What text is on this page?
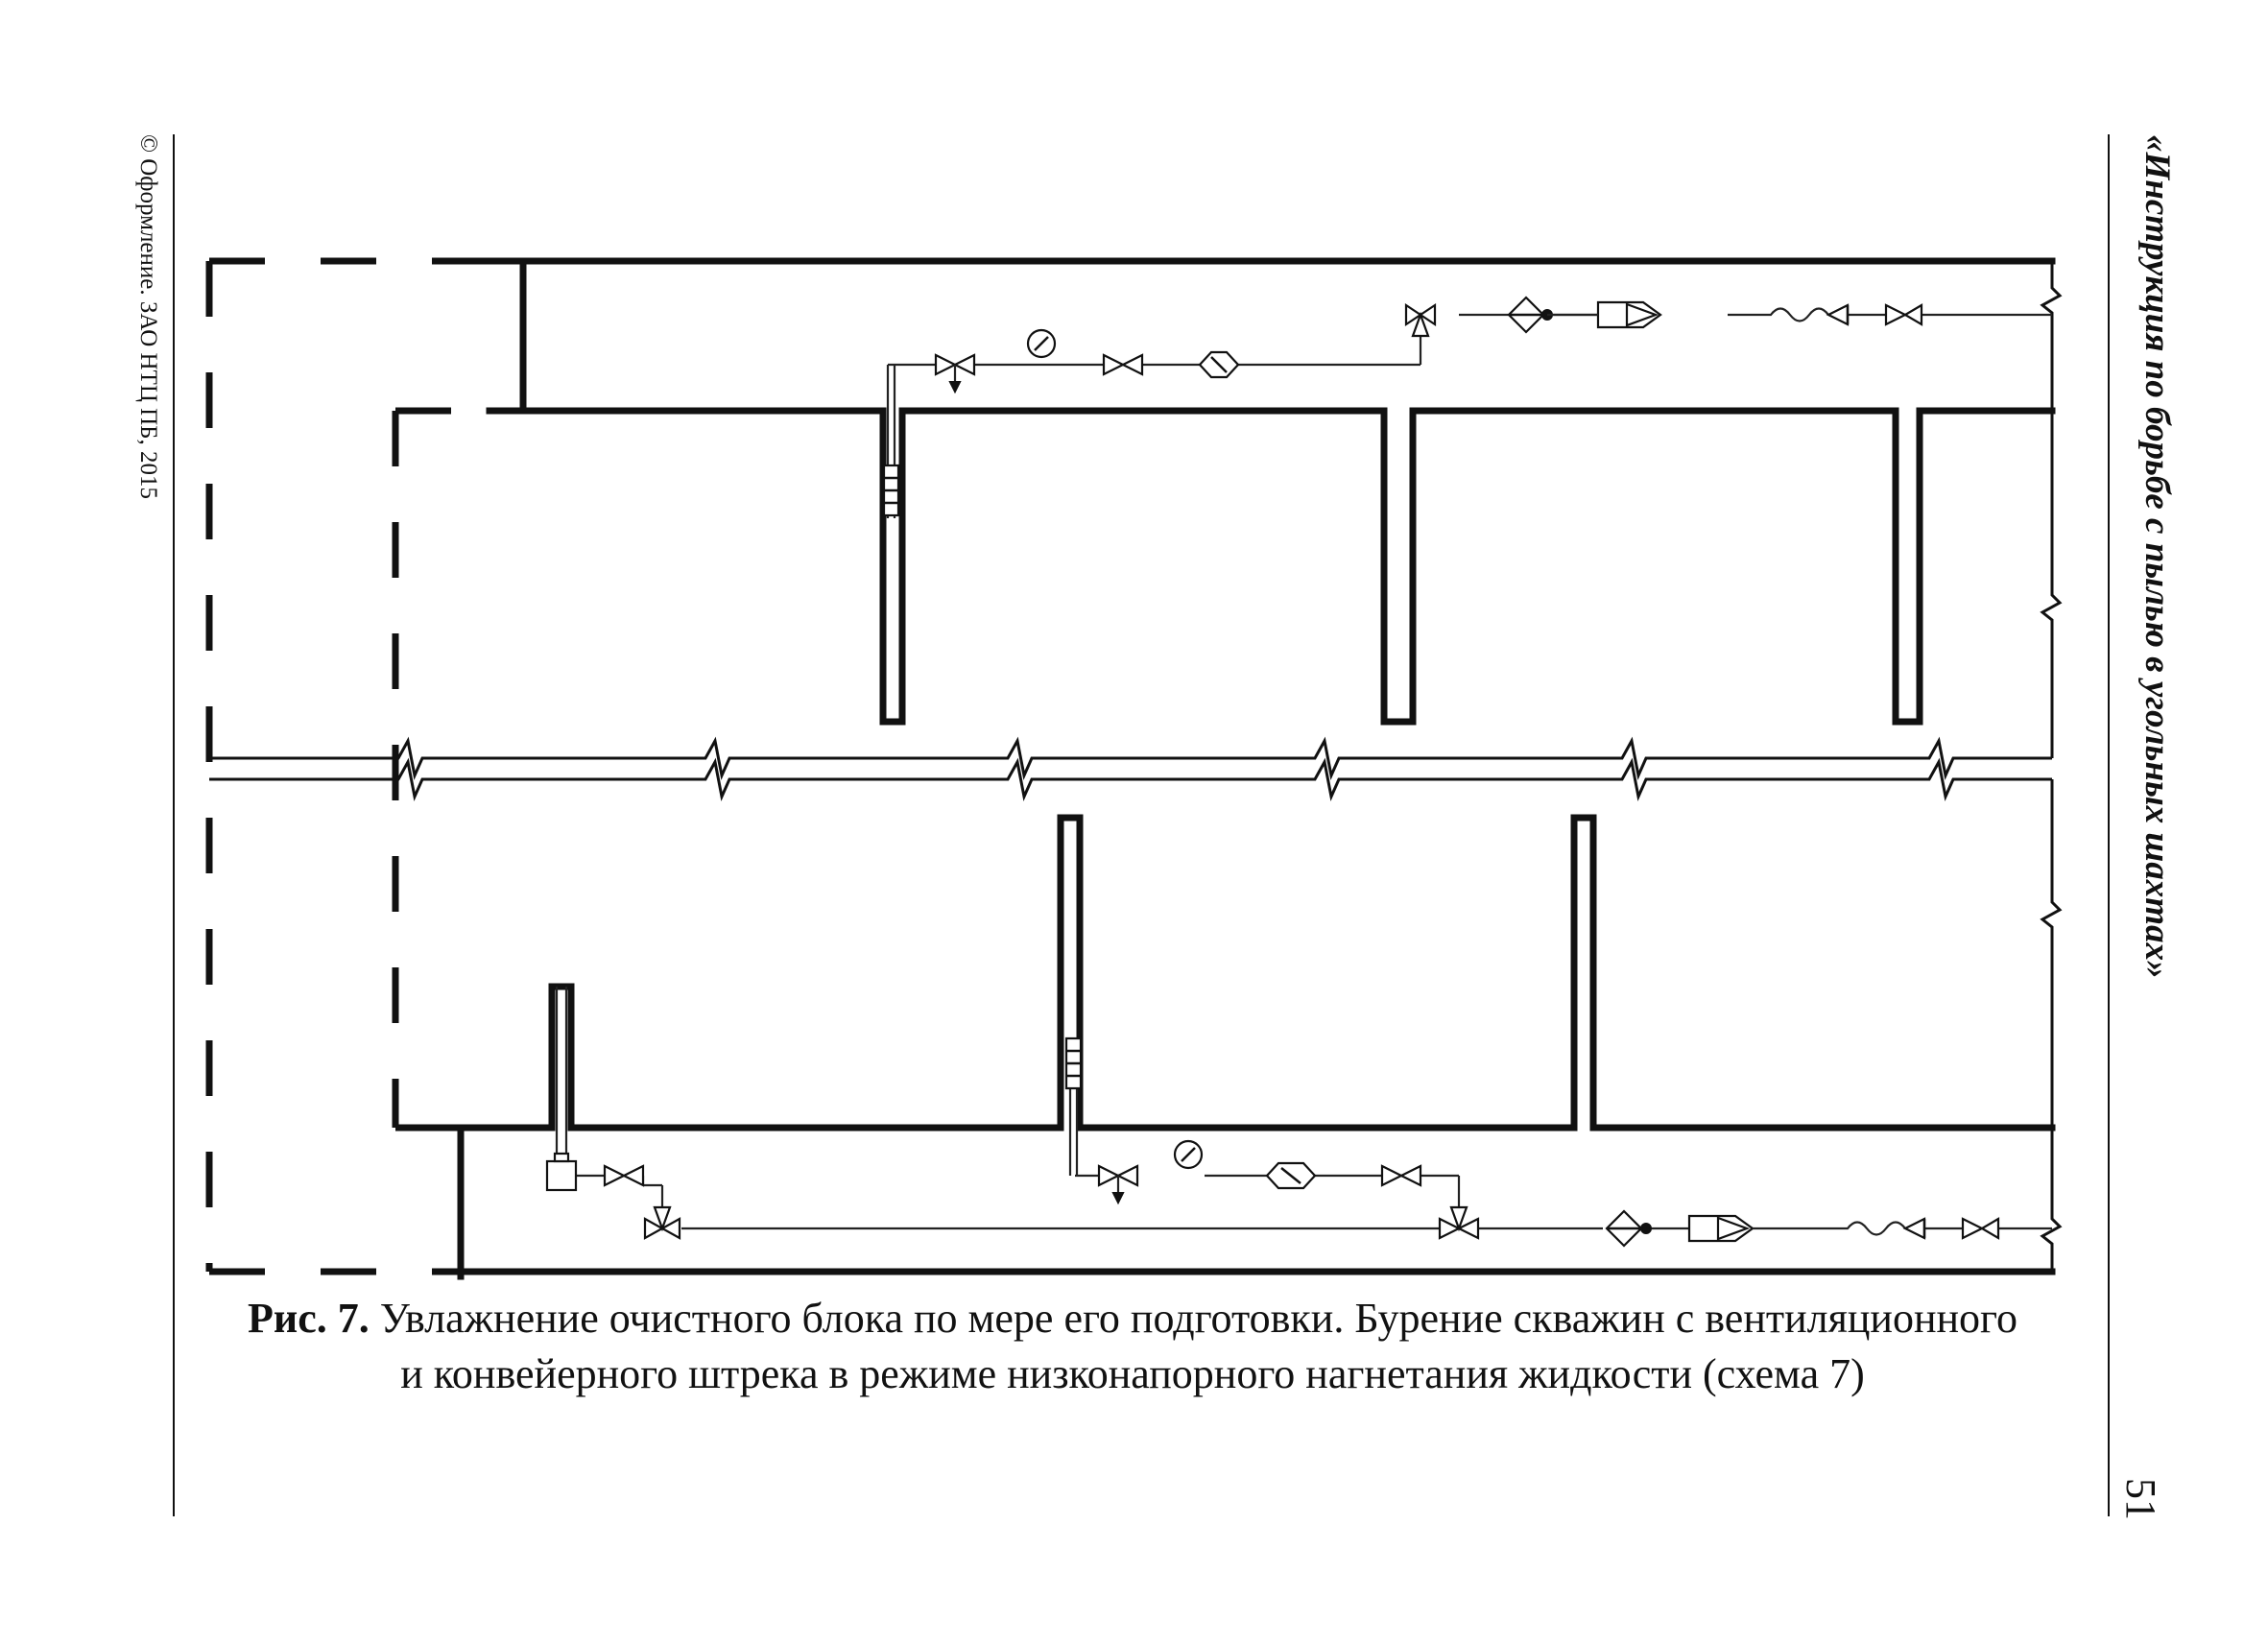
© Оформление. ЗАО НТЦ ПБ, 2015	«Инструкция по борьбе с пылью в угольных шахтах»
51
Рис. 7. Увлажнение очистного блока по мере его подготовки. Бурение скважин с вентиляционного
и конвейерного штрека в режиме низконапорного нагнетания жидкости (схема 7)
